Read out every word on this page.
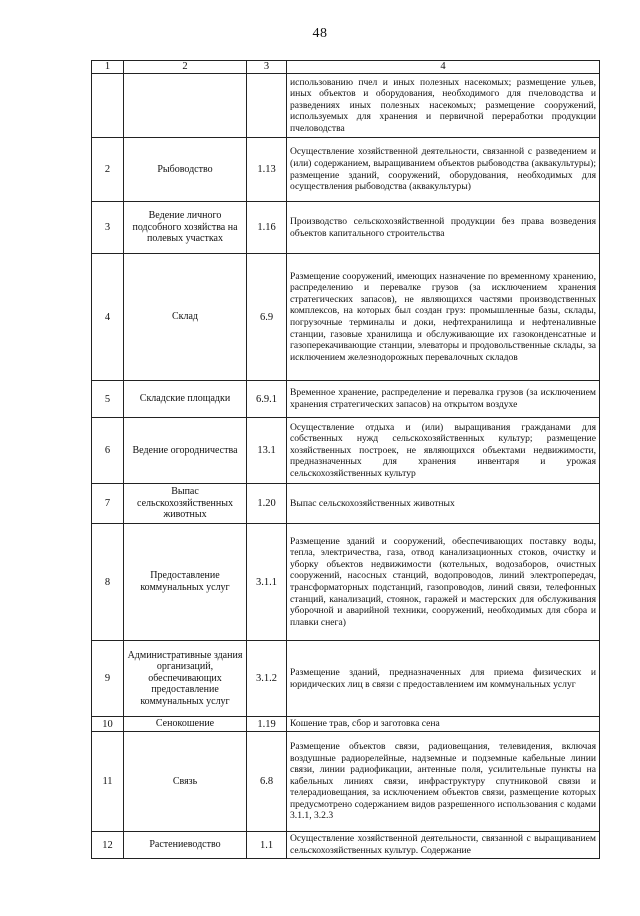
48
1	2	3	4
			использованию пчел и иных полезных насекомых; размещение ульев, иных объектов и оборудования, необходимого для пчеловодства и разведениях иных полезных насекомых; размещение сооружений, используемых для хранения и первичной переработки продукции пчеловодства
2	Рыбоводство	1.13	Осуществление хозяйственной деятельности, связанной с разведением и (или) содержанием, выращиванием объектов рыбоводства (аквакультуры); размещение зданий, сооружений, оборудования, необходимых для осуществления рыбоводства (аквакультуры)
3	Ведение личного подсобного хозяйства на полевых участках	1.16	Производство сельскохозяйственной продукции без права возведения объектов капитального строительства
4	Склад	6.9	Размещение сооружений, имеющих назначение по временному хранению, распределению и перевалке грузов (за исключением хранения стратегических запасов), не являющихся частями производственных комплексов, на которых был создан груз: промышленные базы, склады, погрузочные терминалы и доки, нефтехранилища и нефтеналивные станции, газовые хранилища и обслуживающие их газоконденсатные и газоперекачивающие станции, элеваторы и продовольственные склады, за исключением железнодорожных перевалочных складов
5	Складские площадки	6.9.1	Временное хранение, распределение и перевалка грузов (за исключением хранения стратегических запасов) на открытом воздухе
6	Ведение огородничества	13.1	Осуществление отдыха и (или) выращивания гражданами для собственных нужд сельскохозяйственных культур; размещение хозяйственных построек, не являющихся объектами недвижимости, предназначенных для хранения инвентаря и урожая сельскохозяйственных культур
7	Выпас сельскохозяйственных животных	1.20	Выпас сельскохозяйственных животных
8	Предоставление коммунальных услуг	3.1.1	Размещение зданий и сооружений, обеспечивающих поставку воды, тепла, электричества, газа, отвод канализационных стоков, очистку и уборку объектов недвижимости (котельных, водозаборов, очистных сооружений, насосных станций, водопроводов, линий электропередач, трансформаторных подстанций, газопроводов, линий связи, телефонных станций, канализаций, стоянок, гаражей и мастерских для обслуживания уборочной и аварийной техники, сооружений, необходимых для сбора и плавки снега)
9	Административные здания организаций, обеспечивающих предоставление коммунальных услуг	3.1.2	Размещение зданий, предназначенных для приема физических и юридических лиц в связи с предоставлением им коммунальных услуг
10	Сенокошение	1.19	Кошение трав, сбор и заготовка сена
11	Связь	6.8	Размещение объектов связи, радиовещания, телевидения, включая воздушные радиорелейные, надземные и подземные кабельные линии связи, линии радиофикации, антенные поля, усилительные пункты на кабельных линиях связи, инфраструктуру спутниковой связи и телерадиовещания, за исключением объектов связи, размещение которых предусмотрено содержанием видов разрешенного использования с кодами 3.1.1, 3.2.3
12	Растениеводство	1.1	Осуществление хозяйственной деятельности, связанной с выращиванием сельскохозяйственных культур. Содержание
